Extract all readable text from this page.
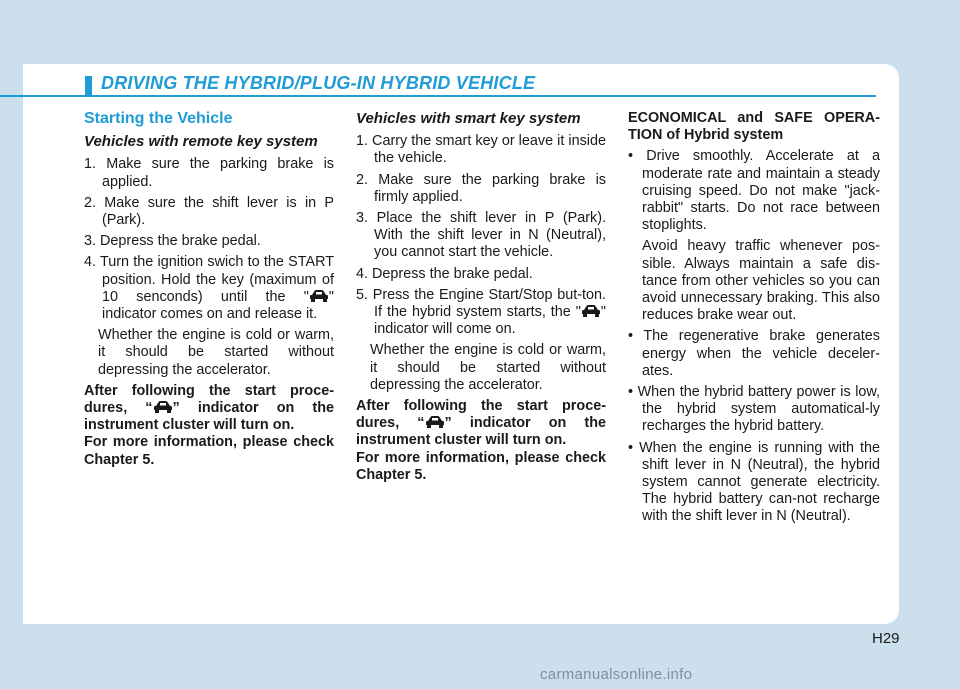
DRIVING THE HYBRID/PLUG-IN HYBRID VEHICLE
Starting the Vehicle
Vehicles with remote key system
1. Make sure the parking brake is applied.
2. Make sure the shift lever is in P (Park).
3. Depress the brake pedal.
4. Turn the ignition swich to the START position. Hold the key (maximum of 10 senconds) until the " " indicator comes on and release it.
Whether the engine is cold or warm, it should be started without depressing the accelerator.
After following the start proce-dures, “ ” indicator on the instrument cluster will turn on.
For more information, please check Chapter 5.
Vehicles with smart key system
1. Carry the smart key or leave it inside the vehicle.
2. Make sure the parking brake is firmly applied.
3. Place the shift lever in P (Park). With the shift lever in N (Neutral), you cannot start the vehicle.
4. Depress the brake pedal.
5. Press the Engine Start/Stop but-ton. If the hybrid system starts, the " " indicator will come on.
Whether the engine is cold or warm, it should be started without depressing the accelerator.
After following the start proce-dures, “ ” indicator on the instrument cluster will turn on.
For more information, please check Chapter 5.
ECONOMICAL and SAFE OPERA-TION of Hybrid system
• Drive smoothly. Accelerate at a moderate rate and maintain a steady cruising speed. Do not make "jack-rabbit" starts. Do not race between stoplights.
Avoid heavy traffic whenever pos-sible. Always maintain a safe dis-tance from other vehicles so you can avoid unnecessary braking. This also reduces brake wear out.
• The regenerative brake generates energy when the vehicle deceler-ates.
• When the hybrid battery power is low, the hybrid system automatical-ly recharges the hybrid battery.
• When the engine is running with the shift lever in N (Neutral), the hybrid system cannot generate electricity. The hybrid battery can-not recharge with the shift lever in N (Neutral).
H29
carmanualsonline.info
